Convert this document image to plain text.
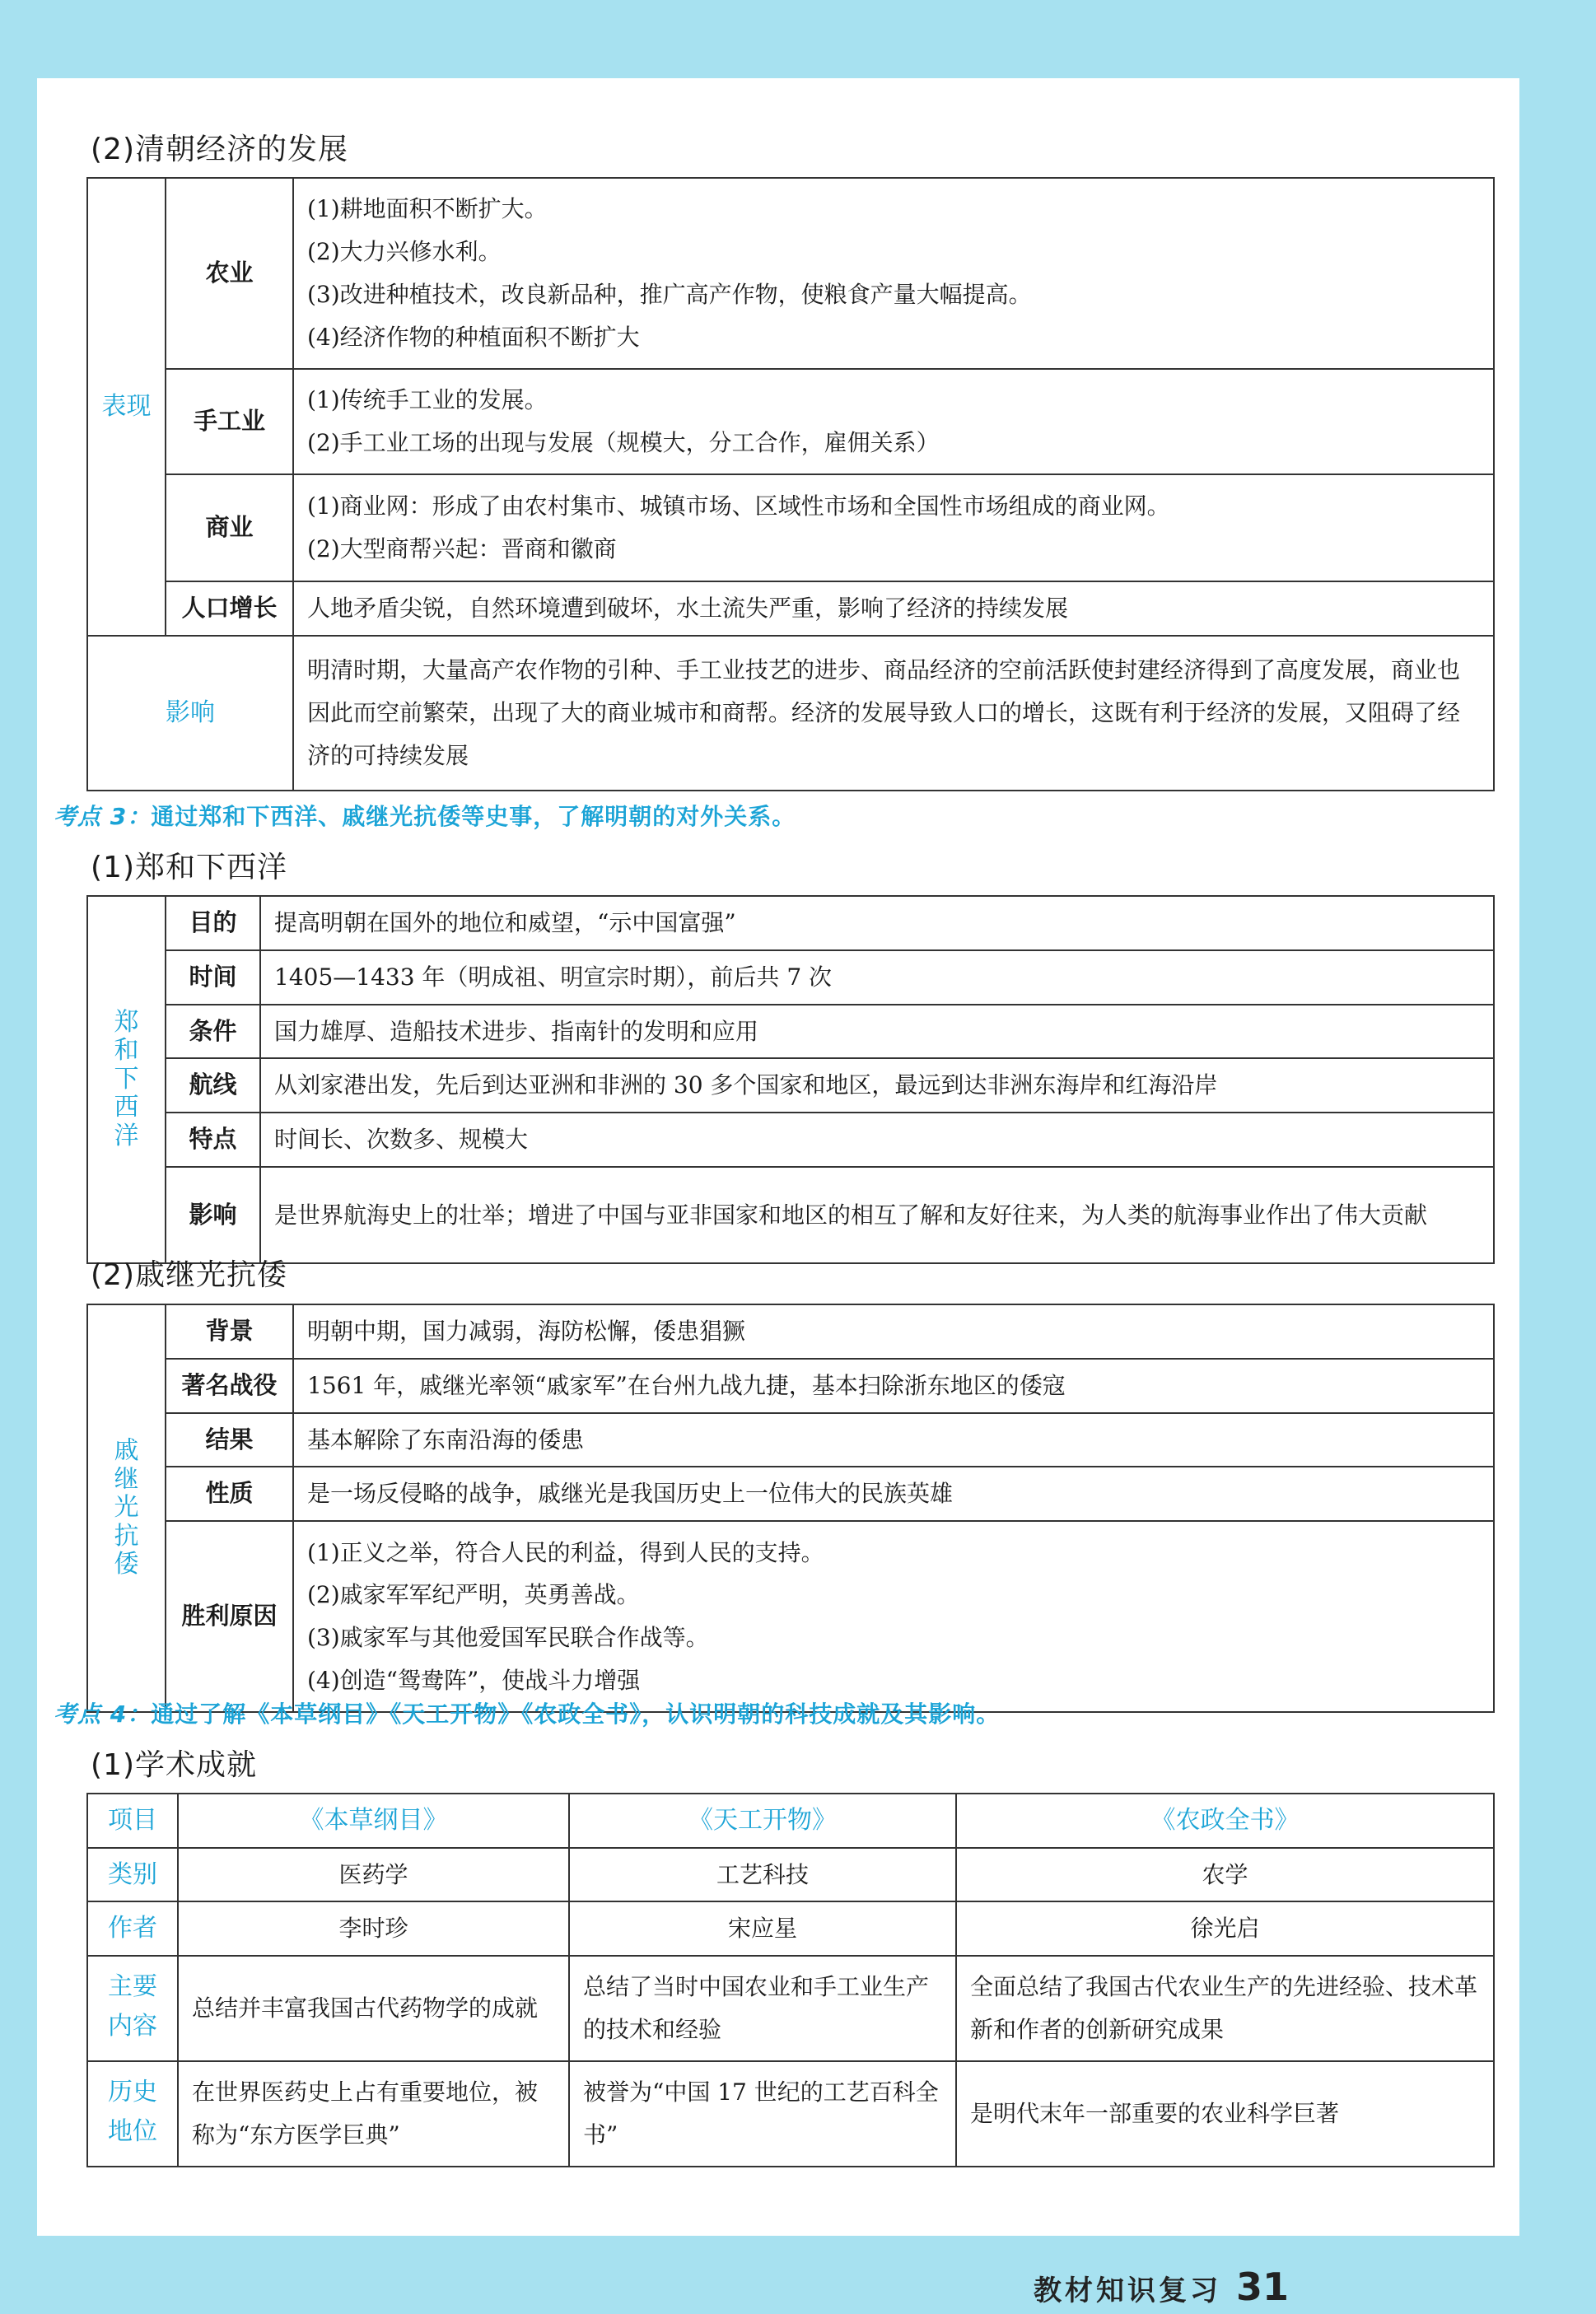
(2)清朝经济的发展
表现	农业	(1)耕地面积不断扩大。
(2)大力兴修水利。
(3)改进种植技术，改良新品种，推广高产作物，使粮食产量大幅提高。
(4)经济作物的种植面积不断扩大

	手工业	(1)传统手工业的发展。
(2)手工业工场的出现与发展（规模大，分工合作，雇佣关系）

	商业	(1)商业网：形成了由农村集市、城镇市场、区域性市场和全国性市场组成的商业网。
(2)大型商帮兴起：晋商和徽商

	人口增长	人地矛盾尖锐，自然环境遭到破坏，水土流失严重，影响了经济的持续发展

影响		明清时期，大量高产农作物的引种、手工业技艺的进步、商品经济的空前活跃使封建经济得到了高度发展，商业也因此而空前繁荣，出现了大的商业城市和商帮。经济的发展导致人口的增长，这既有利于经济的发展，又阻碍了经济的可持续发展
考点 3：通过郑和下西洋、戚继光抗倭等史事，了解明朝的对外关系。
(1)郑和下西洋
郑
和
下
西
洋	目的	提高明朝在国外的地位和威望，“示中国富强”
	时间	1405—1433 年（明成祖、明宣宗时期），前后共 7 次
	条件	国力雄厚、造船技术进步、指南针的发明和应用
	航线	从刘家港出发，先后到达亚洲和非洲的 30 多个国家和地区，最远到达非洲东海岸和红海沿岸
	特点	时间长、次数多、规模大
	影响	是世界航海史上的壮举；增进了中国与亚非国家和地区的相互了解和友好往来，为人类的航海事业作出了伟大贡献
(2)戚继光抗倭
戚
继
光
抗
倭	背景	明朝中期，国力减弱，海防松懈，倭患猖獗

	著名战役	1561 年，戚继光率领“戚家军”在台州九战九捷，基本扫除浙东地区的倭寇

	结果	基本解除了东南沿海的倭患

	性质	是一场反侵略的战争，戚继光是我国历史上一位伟大的民族英雄

	胜利原因	(1)正义之举，符合人民的利益，得到人民的支持。
(2)戚家军军纪严明，英勇善战。
(3)戚家军与其他爱国军民联合作战等。
(4)创造“鸳鸯阵”，使战斗力增强
考点 4：通过了解《本草纲目》《天工开物》《农政全书》，认识明朝的科技成就及其影响。
(1)学术成就
项目	《本草纲目》	《天工开物》	《农政全书》
类别	医药学	工艺科技	农学
作者	李时珍	宋应星	徐光启
主要内容	总结并丰富我国古代药物学的成就	总结了当时中国农业和手工业生产的技术和经验	全面总结了我国古代农业生产的先进经验、技术革新和作者的创新研究成果
历史地位	在世界医药史上占有重要地位，被称为“东方医学巨典”	被誉为“中国 17 世纪的工艺百科全书”	是明代末年一部重要的农业科学巨著
教材知识复习 31
